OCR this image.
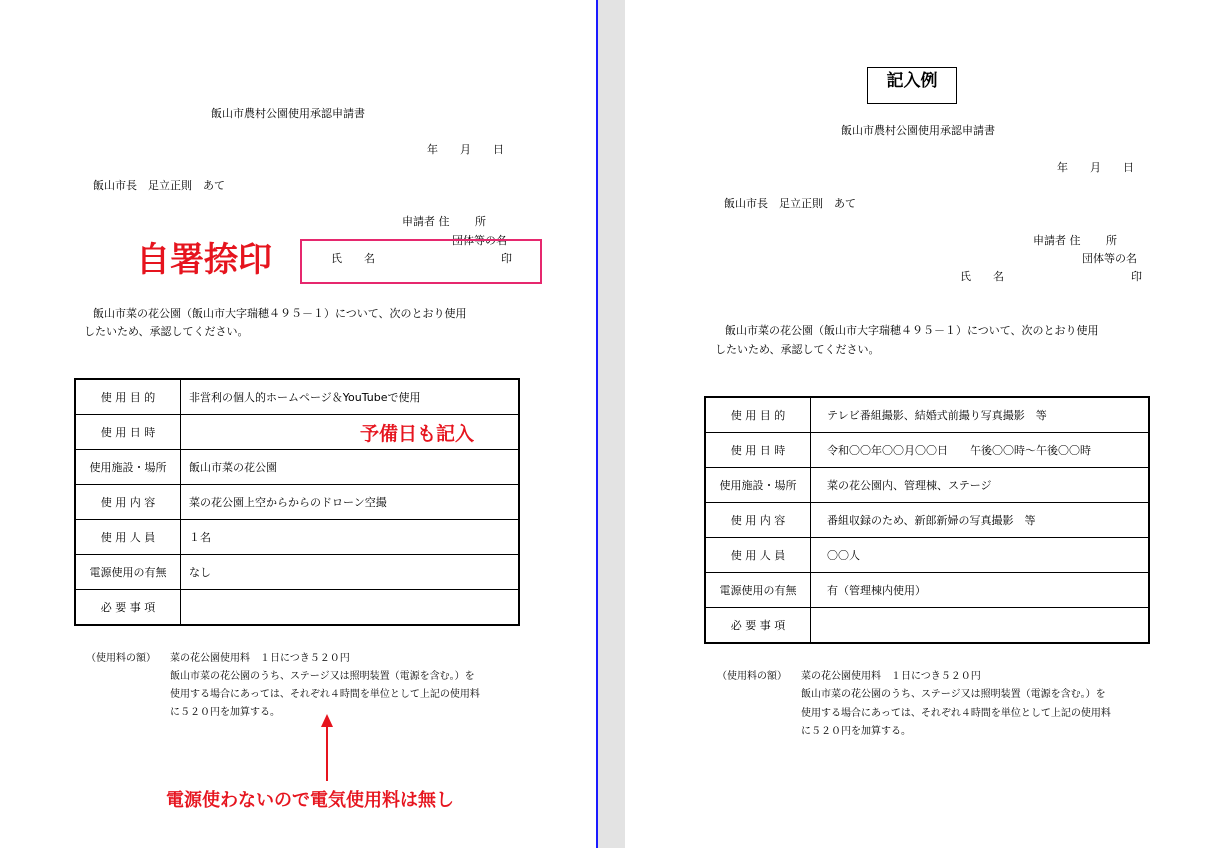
飯山市農村公園使用承認申請書
年　　月　　日
飯山市長　足立正則　あて
申請者 住　　 所
団体等の名
自署捺印	氏　　名	印
飯山市菜の花公園（飯山市大字瑞穂４９５－１）について、次のとおり使用
したいため、承認してください。
使 用 目 的	非営利の個人的ホームページ＆YouTubeで使用
使 用 日 時	
使用施設・場所	飯山市菜の花公園
使 用 内 容	菜の花公園上空からからのドローン空撮
使 用 人 員	１名
電源使用の有無	なし
必 要 事 項	
予備日も記入
（使用料の額） 菜の花公園使用料　１日につき５２０円
飯山市菜の花公園のうち、ステージ又は照明装置（電源を含む。）を
使用する場合にあっては、それぞれ４時間を単位として上記の使用料
に５２０円を加算する。
電源使わないので電気使用料は無し
記入例
飯山市農村公園使用承認申請書
年　　月　　日
飯山市長　足立正則　あて
申請者 住　　 所
団体等の名
氏　　名	印
飯山市菜の花公園（飯山市大字瑞穂４９５－１）について、次のとおり使用
したいため、承認してください。
使 用 目 的	テレビ番組撮影、結婚式前撮り写真撮影　等
使 用 日 時	令和〇〇年〇〇月〇〇日　　午後〇〇時～午後〇〇時
使用施設・場所	菜の花公園内、管理棟、ステージ
使 用 内 容	番組収録のため、新郎新婦の写真撮影　等
使 用 人 員	〇〇人
電源使用の有無	有（管理棟内使用）
必 要 事 項	
（使用料の額） 菜の花公園使用料　１日につき５２０円
飯山市菜の花公園のうち、ステージ又は照明装置（電源を含む。）を
使用する場合にあっては、それぞれ４時間を単位として上記の使用料
に５２０円を加算する。
